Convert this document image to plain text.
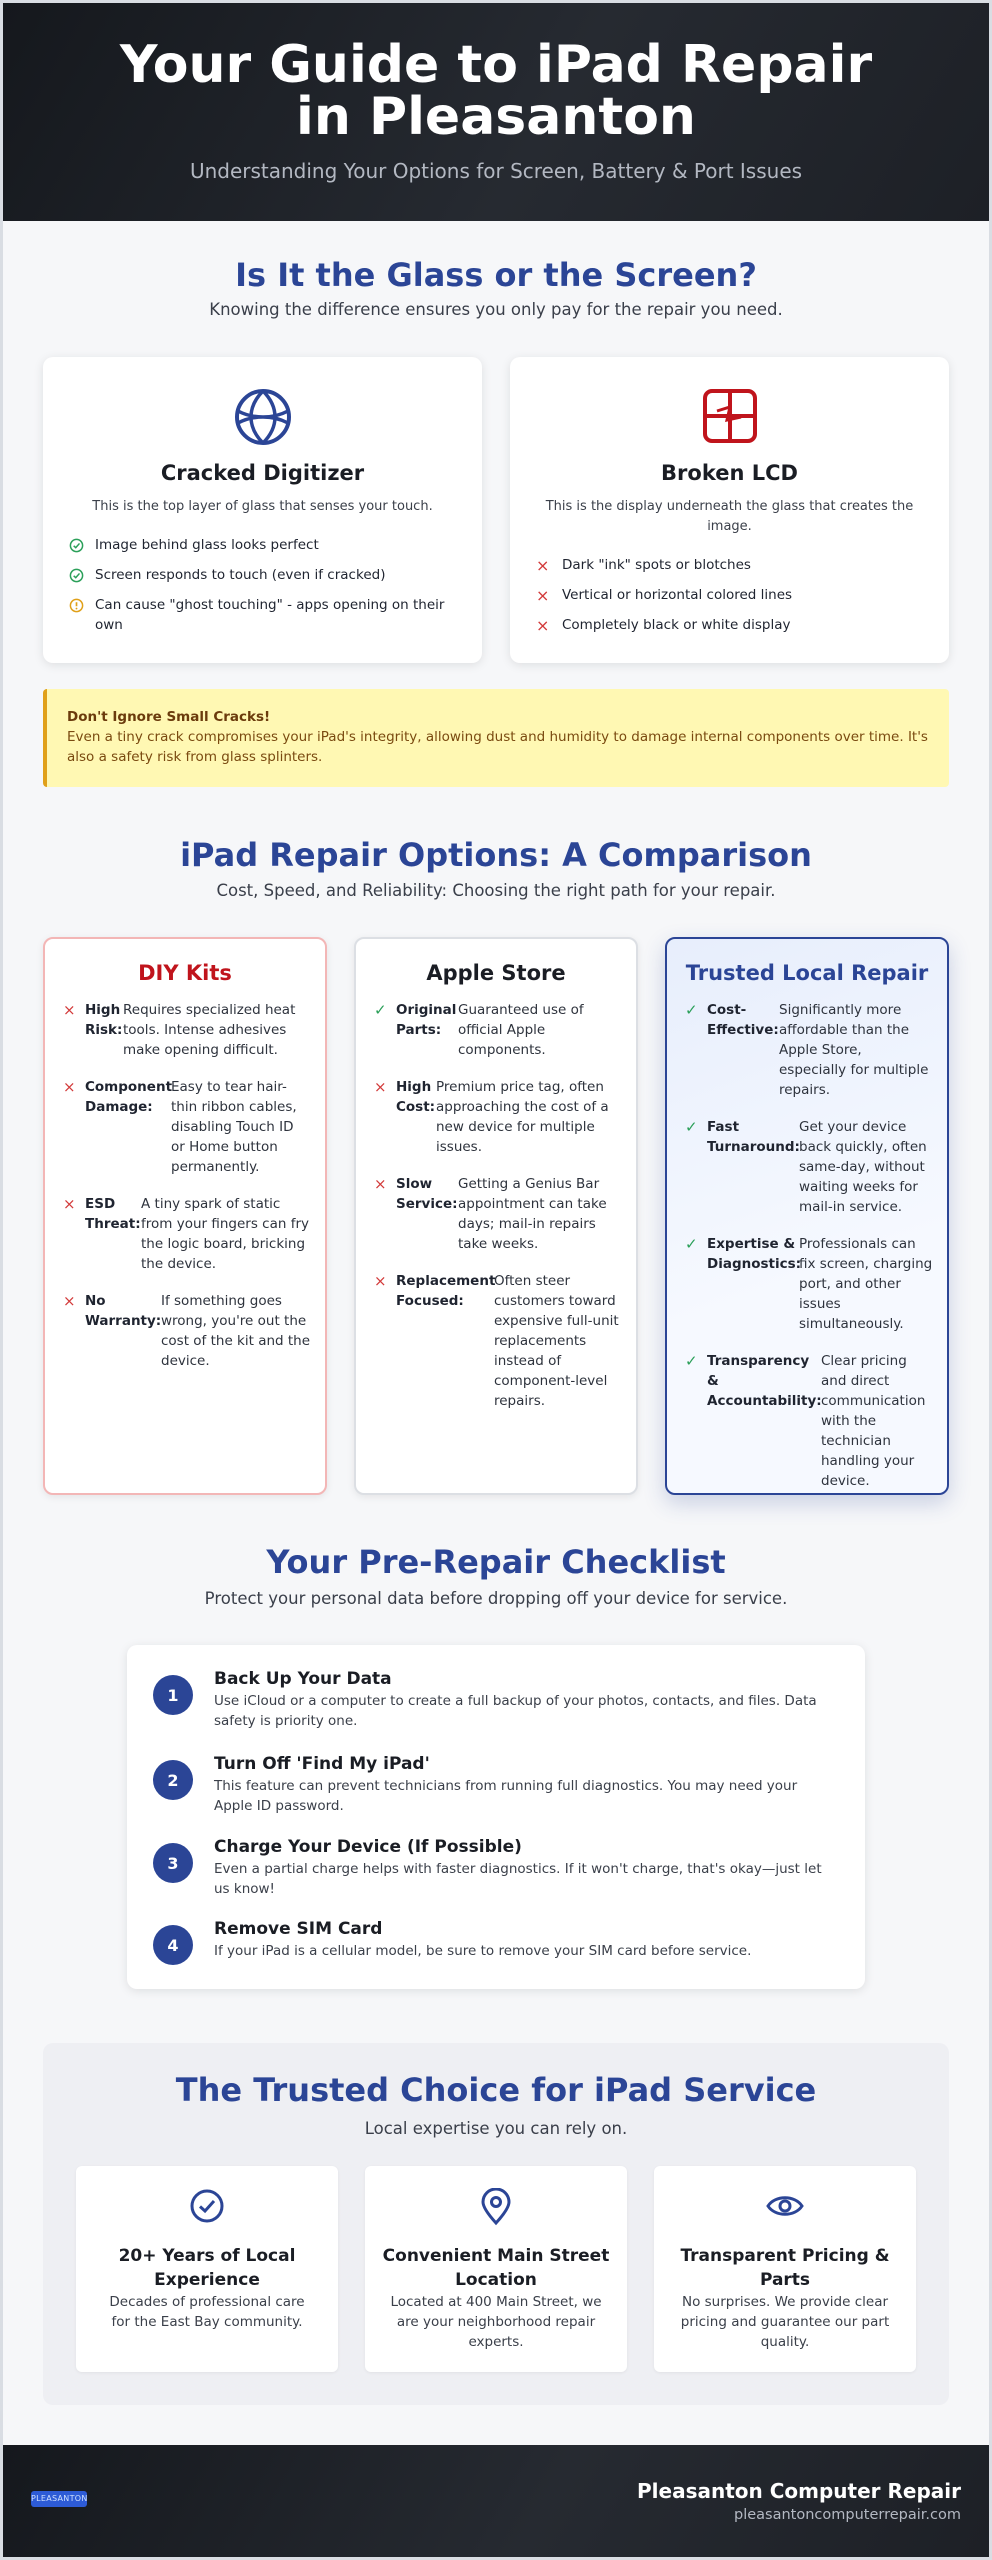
Your Guide to iPad Repair in Pleasanton
Understanding Your Options for Screen, Battery & Port Issues
Is It the Glass or the Screen?
Knowing the difference ensures you only pay for the repair you need.
Cracked Digitizer
This is the top layer of glass that senses your touch.
Image behind glass looks perfect
Screen responds to touch (even if cracked)
Can cause "ghost touching" - apps opening on their own
Broken LCD
This is the display underneath the glass that creates the image.
× Dark "ink" spots or blotches
× Vertical or horizontal colored lines
× Completely black or white display
Don't Ignore Small Cracks!
Even a tiny crack compromises your iPad's integrity, allowing dust and humidity to damage internal components over time. It's also a safety risk from glass splinters.
iPad Repair Options: A Comparison
Cost, Speed, and Reliability: Choosing the right path for your repair.
DIY Kits
× High Risk:
Requires specialized heat tools. Intense adhesives make opening difficult.
× Component Damage:
Easy to tear hair-thin ribbon cables, disabling Touch ID or Home button permanently.
× ESD Threat:
A tiny spark of static from your fingers can fry the logic board, bricking the device.
× No Warranty:
If something goes wrong, you're out the cost of the kit and the device.
Apple Store
✓ Original Parts:
Guaranteed use of official Apple components.
× High Cost:
Premium price tag, often approaching the cost of a new device for multiple issues.
× Slow Service:
Getting a Genius Bar appointment can take days; mail-in repairs take weeks.
× Replacement Focused:
Often steer customers toward expensive full-unit replacements instead of component-level repairs.
Trusted Local Repair
✓ Cost-Effective:
Significantly more affordable than the Apple Store, especially for multiple repairs.
✓ Fast Turnaround:
Get your device back quickly, often same-day, without waiting weeks for mail-in service.
✓ Expertise & Diagnostics:
Professionals can fix screen, charging port, and other issues simultaneously.
✓ Transparency & Accountability:
Clear pricing and direct communication with the technician handling your device.
Your Pre-Repair Checklist
Protect your personal data before dropping off your device for service.
1
Back Up Your Data
Use iCloud or a computer to create a full backup of your photos, contacts, and files. Data safety is priority one.
2
Turn Off 'Find My iPad'
This feature can prevent technicians from running full diagnostics. You may need your Apple ID password.
3
Charge Your Device (If Possible)
Even a partial charge helps with faster diagnostics. If it won't charge, that's okay—just let us know!
4
Remove SIM Card
If your iPad is a cellular model, be sure to remove your SIM card before service.
The Trusted Choice for iPad Service
Local expertise you can rely on.
20+ Years of Local Experience
Decades of professional care for the East Bay community.
Convenient Main Street Location
Located at 400 Main Street, we are your neighborhood repair experts.
Transparent Pricing & Parts
No surprises. We provide clear pricing and guarantee our part quality.
PLEASANTON	Pleasanton Computer Repair
pleasantoncomputerrepair.com
